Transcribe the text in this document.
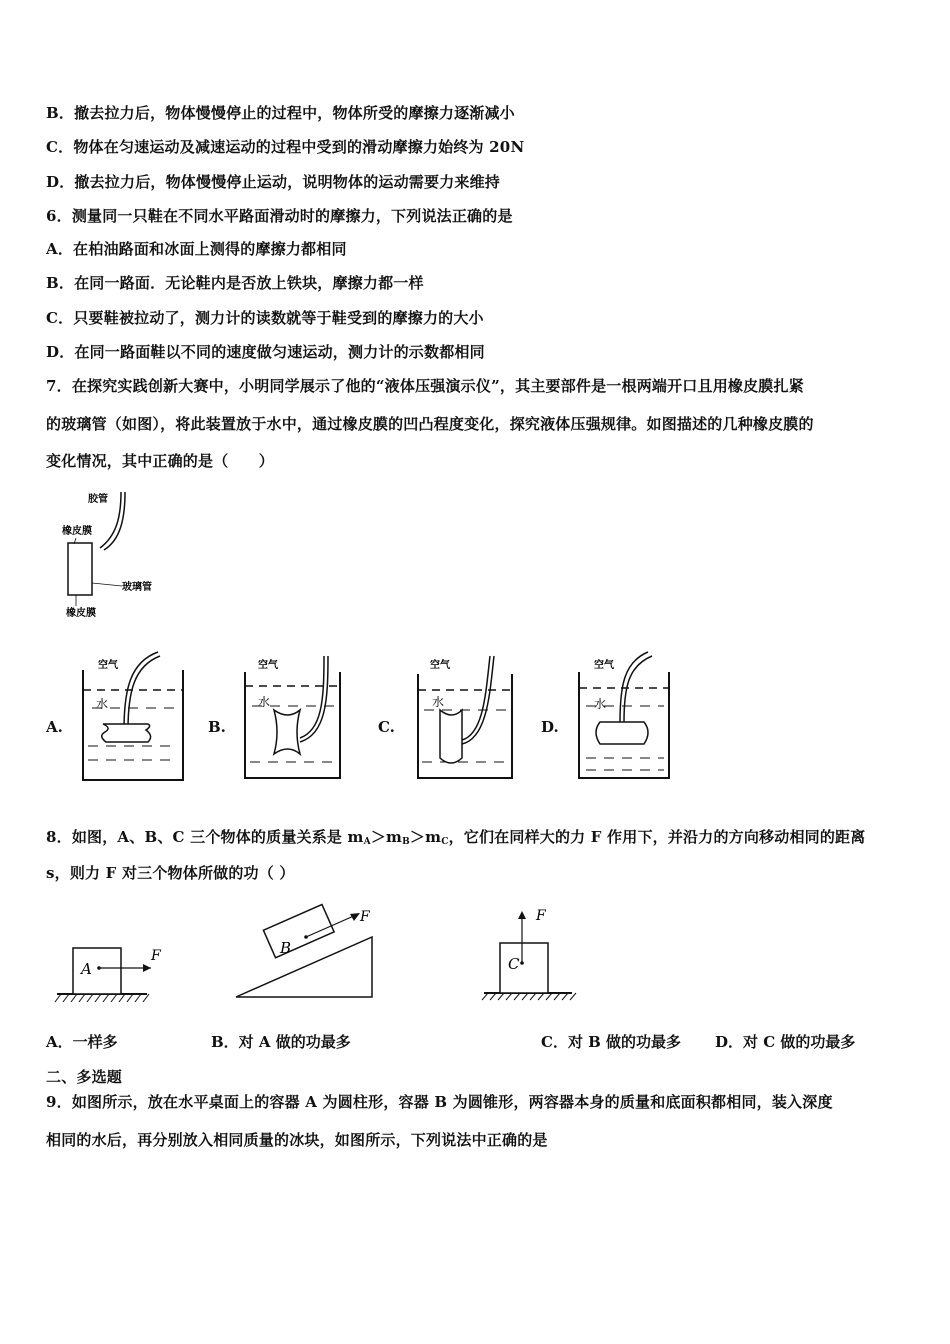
B．撤去拉力后，物体慢慢停止的过程中，物体所受的摩擦力逐渐减小
C．物体在匀速运动及减速运动的过程中受到的滑动摩擦力始终为 20N
D．撤去拉力后，物体慢慢停止运动，说明物体的运动需要力来维持
6．测量同一只鞋在不同水平路面滑动时的摩擦力，下列说法正确的是
A．在柏油路面和冰面上测得的摩擦力都相同
B．在同一路面．无论鞋内是否放上铁块，摩擦力都一样
C．只要鞋被拉动了，测力计的读数就等于鞋受到的摩擦力的大小
D．在同一路面鞋以不同的速度做匀速运动，测力计的示数都相同
7．在探究实践创新大赛中，小明同学展示了他的“液体压强演示仪”，其主要部件是一根两端开口且用橡皮膜扎紧
的玻璃管（如图），将此装置放于水中，通过橡皮膜的凹凸程度变化，探究液体压强规律。如图描述的几种橡皮膜的
变化情况，其中正确的是（　　）
胶管
橡皮膜
玻璃管
橡皮膜
A.
空气
水
B.
空气
水
C.
空气
水
D.
空气
水
8．如图，A、B、C 三个物体的质量关系是 $m_A>m_B>m_C$，它们在同样大的力 F 作用下，并沿力的方向移动相同的距离
s，则力 F 对三个物体所做的功（ ）
A
F	B
F
C
F
A．一样多	B．对 A 做的功最多	C．对 B 做的功最多 D．对 C 做的功最多
二、多选题
9．如图所示，放在水平桌面上的容器 A 为圆柱形，容器 B 为圆锥形，两容器本身的质量和底面积都相同，装入深度
相同的水后，再分别放入相同质量的冰块，如图所示，下列说法中正确的是
